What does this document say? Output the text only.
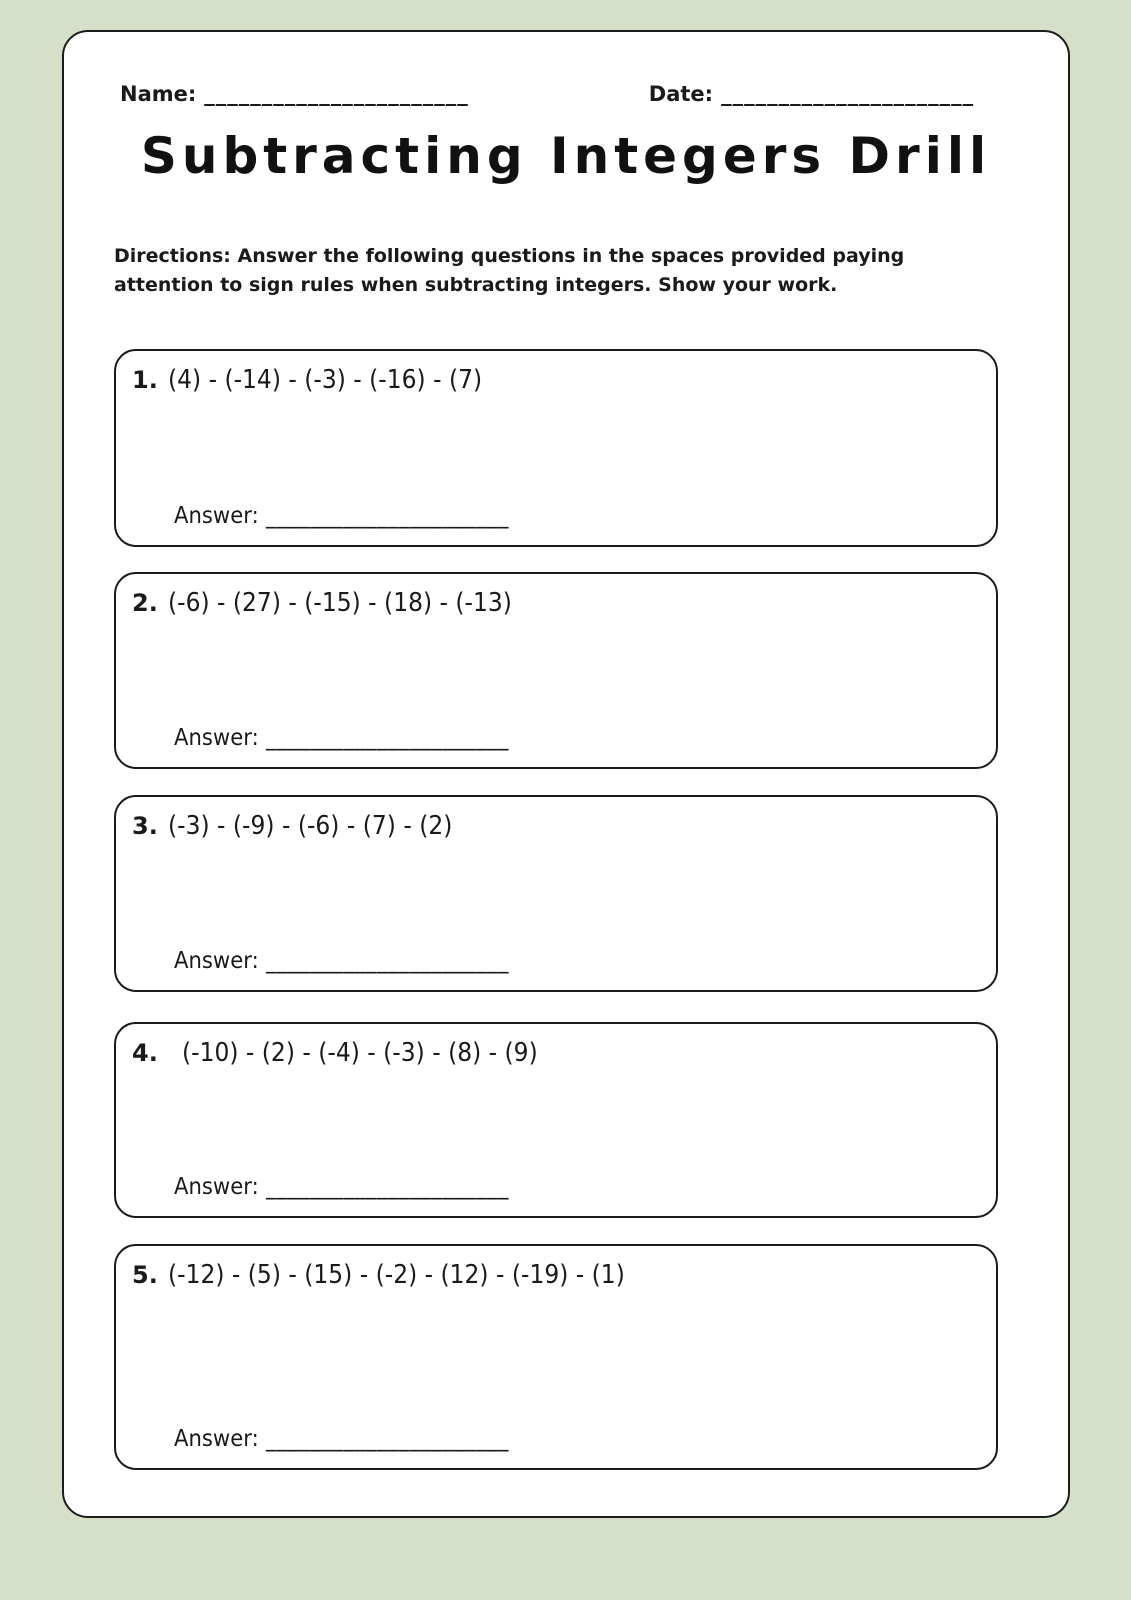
Name: _______________________	Date: ______________________
Subtracting Integers Drill
Directions: Answer the following questions in the spaces provided paying attention to sign rules when subtracting integers. Show your work.
1. (4) - (-14) - (-3) - (-16) - (7)
Answer: ______________________
2. (-6) - (27) - (-15) - (18) - (-13)
Answer: ______________________
3. (-3) - (-9) - (-6) - (7) - (2)
Answer: ______________________
4. (-10) - (2) - (-4) - (-3) - (8) - (9)
Answer: ______________________
5. (-12) - (5) - (15) - (-2) - (12) - (-19) - (1)
Answer: ______________________
